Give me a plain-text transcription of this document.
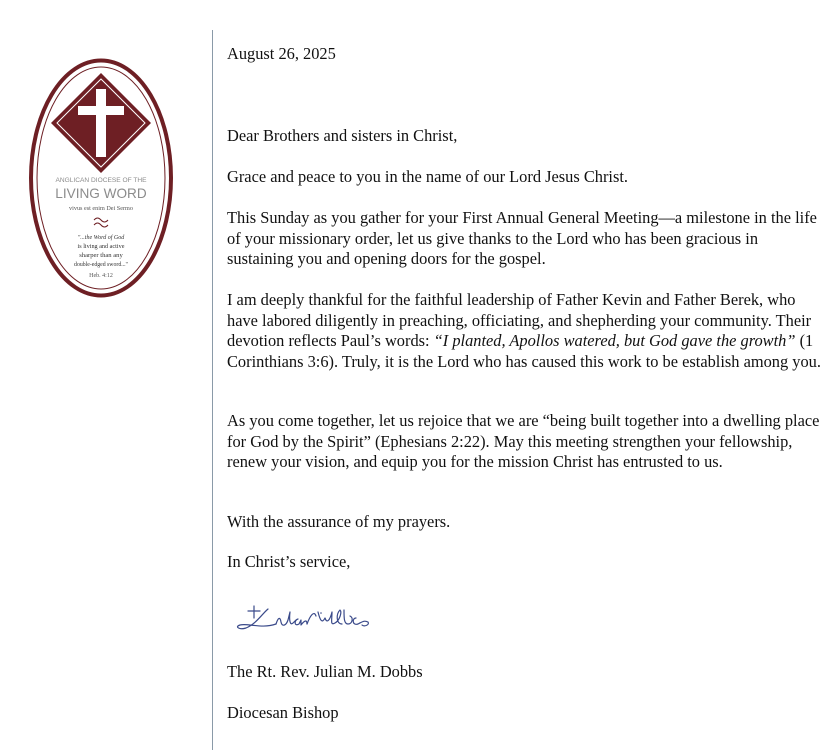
ANGLICAN DIOCESE OF THE
LIVING WORD
vivus est enim Dei Sermo
"...the Word of God
is living and active
sharper than any
double-edged sword..."
Heb. 4:12
August 26, 2025
Dear Brothers and sisters in Christ,
Grace and peace to you in the name of our Lord Jesus Christ.

This Sunday as you gather for your First Annual General Meeting—a milestone in the life of your missionary order, let us give thanks to the Lord who has been gracious in sustaining you and opening doors for the gospel.

I am deeply thankful for the faithful leadership of Father Kevin and Father Berek, who have labored diligently in preaching, officiating, and shepherding your community. Their devotion reflects Paul’s words: “I planted, Apollos watered, but God gave the growth” (1 Corinthians 3:6). Truly, it is the Lord who has caused this work to be establish among you.

As you come together, let us rejoice that we are “being built together into a dwelling place for God by the Spirit” (Ephesians 2:22). May this meeting strengthen your fellowship, renew your vision, and equip you for the mission Christ has entrusted to us.

With the assurance of my prayers.
In Christ’s service,
The Rt. Rev. Julian M. Dobbs
Diocesan Bishop
